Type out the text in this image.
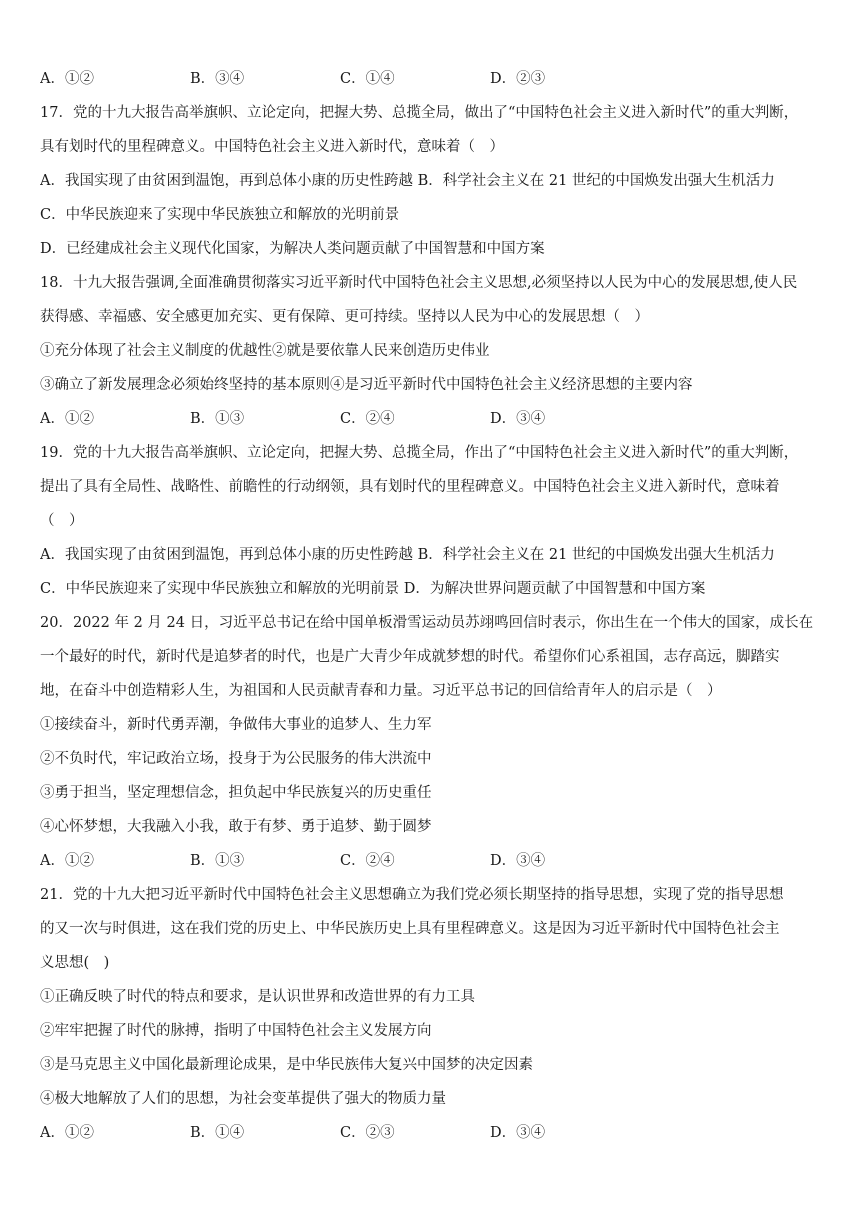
A．①②	B．③④	C．①④	D．②③
17．党的十九大报告高举旗帜、立论定向，把握大势、总揽全局，做出了“中国特色社会主义进入新时代”的重大判断，
具有划时代的里程碑意义。中国特色社会主义进入新时代，意味着（　）
A．我国实现了由贫困到温饱，再到总体小康的历史性跨越 B．科学社会主义在 21 世纪的中国焕发出强大生机活力
C．中华民族迎来了实现中华民族独立和解放的光明前景
D．已经建成社会主义现代化国家，为解决人类问题贡献了中国智慧和中国方案
18．十九大报告强调,全面准确贯彻落实习近平新时代中国特色社会主义思想,必须坚持以人民为中心的发展思想,使人民
获得感、幸福感、安全感更加充实、更有保障、更可持续。坚持以人民为中心的发展思想（　）
①充分体现了社会主义制度的优越性②就是要依靠人民来创造历史伟业
③确立了新发展理念必须始终坚持的基本原则④是习近平新时代中国特色社会主义经济思想的主要内容
A．①②	B．①③	C．②④	D．③④
19．党的十九大报告高举旗帜、立论定向，把握大势、总揽全局，作出了“中国特色社会主义进入新时代”的重大判断，
提出了具有全局性、战略性、前瞻性的行动纲领，具有划时代的里程碑意义。中国特色社会主义进入新时代，意味着
（　）
A．我国实现了由贫困到温饱，再到总体小康的历史性跨越 B．科学社会主义在 21 世纪的中国焕发出强大生机活力
C．中华民族迎来了实现中华民族独立和解放的光明前景 D．为解决世界问题贡献了中国智慧和中国方案
20．2022 年 2 月 24 日，习近平总书记在给中国单板滑雪运动员苏翊鸣回信时表示，你出生在一个伟大的国家，成长在
一个最好的时代，新时代是追梦者的时代，也是广大青少年成就梦想的时代。希望你们心系祖国，志存高远，脚踏实
地，在奋斗中创造精彩人生，为祖国和人民贡献青春和力量。习近平总书记的回信给青年人的启示是（　）
①接续奋斗，新时代勇弄潮，争做伟大事业的追梦人、生力军
②不负时代，牢记政治立场，投身于为公民服务的伟大洪流中
③勇于担当，坚定理想信念，担负起中华民族复兴的历史重任
④心怀梦想，大我融入小我，敢于有梦、勇于追梦、勤于圆梦
A．①②	B．①③	C．②④	D．③④
21．党的十九大把习近平新时代中国特色社会主义思想确立为我们党必须长期坚持的指导思想，实现了党的指导思想
的又一次与时俱进，这在我们党的历史上、中华民族历史上具有里程碑意义。这是因为习近平新时代中国特色社会主
义思想(　)
①正确反映了时代的特点和要求，是认识世界和改造世界的有力工具
②牢牢把握了时代的脉搏，指明了中国特色社会主义发展方向
③是马克思主义中国化最新理论成果，是中华民族伟大复兴中国梦的决定因素
④极大地解放了人们的思想，为社会变革提供了强大的物质力量
A．①②	B．①④	C．②③	D．③④
